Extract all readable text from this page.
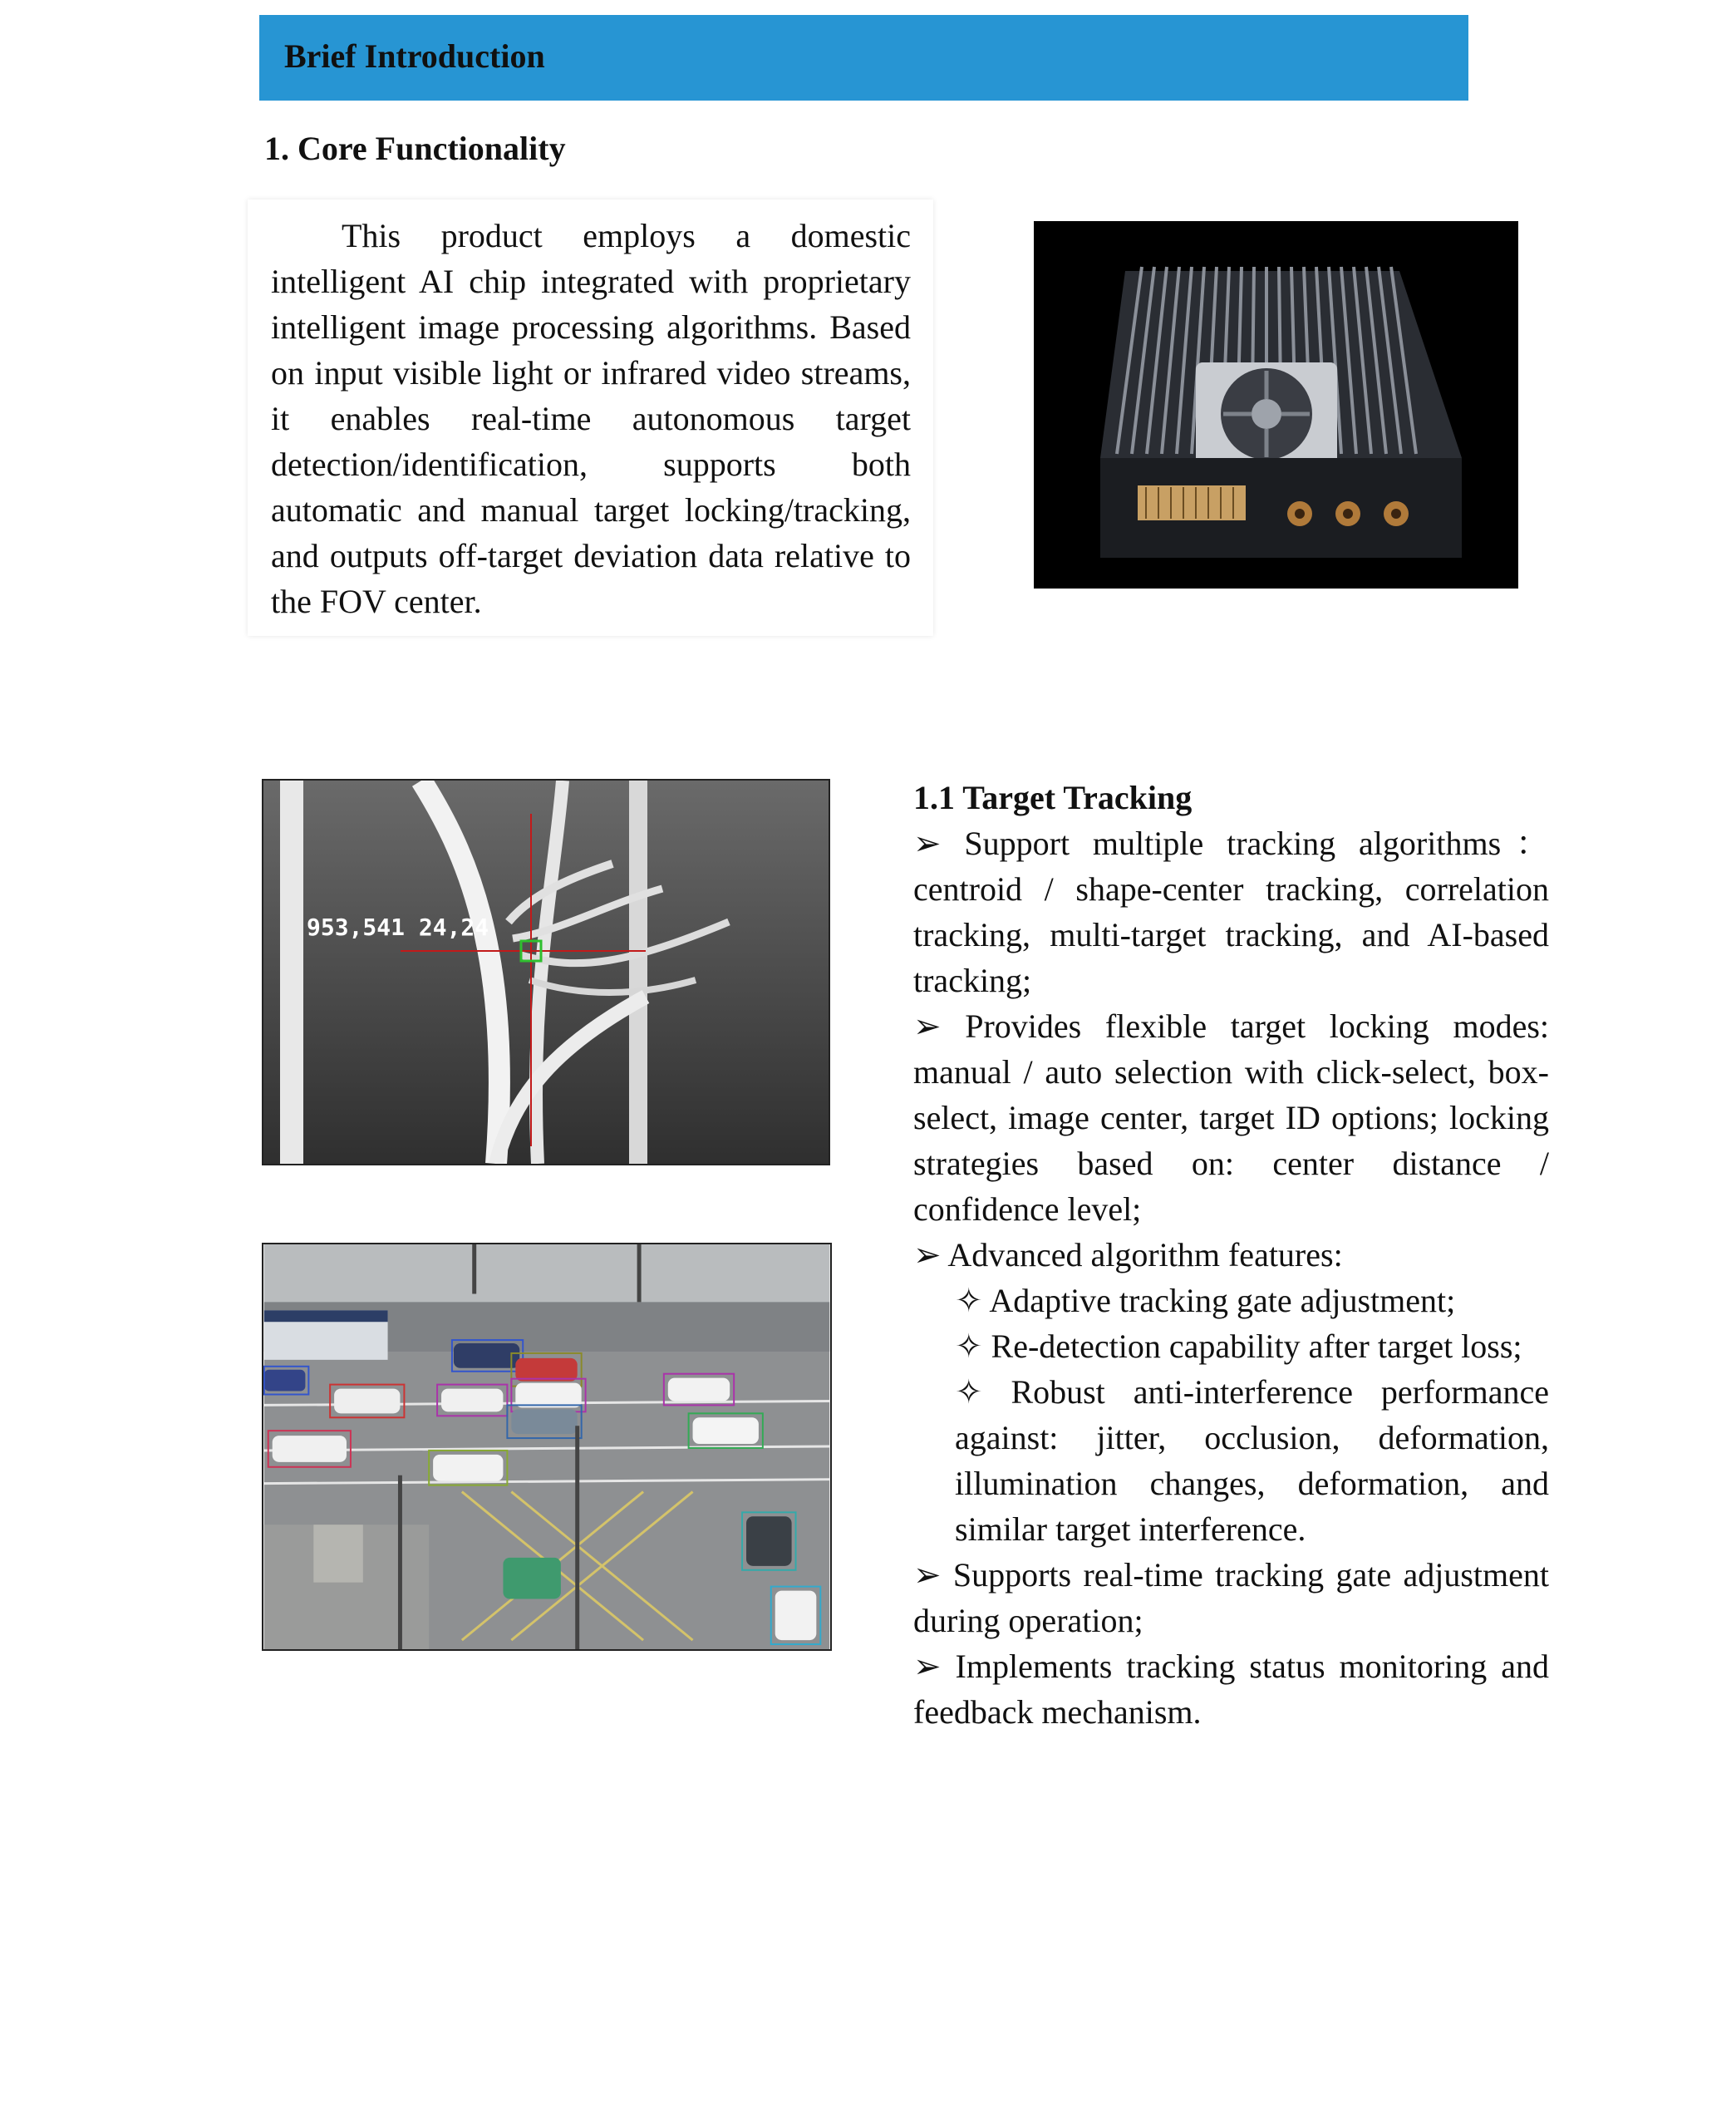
Brief Introduction
1. Core Functionality

This product employs a domestic intelligent AI chip integrated with proprietary intelligent image processing algorithms. Based on input visible light or infrared video streams, it enables real-time autonomous target detection/identification, supports both automatic and manual target locking/tracking, and outputs off-target deviation data relative to the FOV center.

953,541 24,24

1.1 Target Tracking

➢ Support multiple tracking algorithms： centroid / shape-center tracking, correlation tracking, multi-target tracking, and AI-based tracking;

➢ Provides flexible target locking modes: manual / auto selection with click-select, box-select, image center, target ID options; locking strategies based on: center distance / confidence level;

➢ Advanced algorithm features:

✧ Adaptive tracking gate adjustment;

✧ Re-detection capability after target loss;

✧ Robust anti-interference performance against: jitter, occlusion, deformation, illumination changes, deformation, and similar target interference.

➢ Supports real-time tracking gate adjustment during operation;

➢ Implements tracking status monitoring and feedback mechanism.
